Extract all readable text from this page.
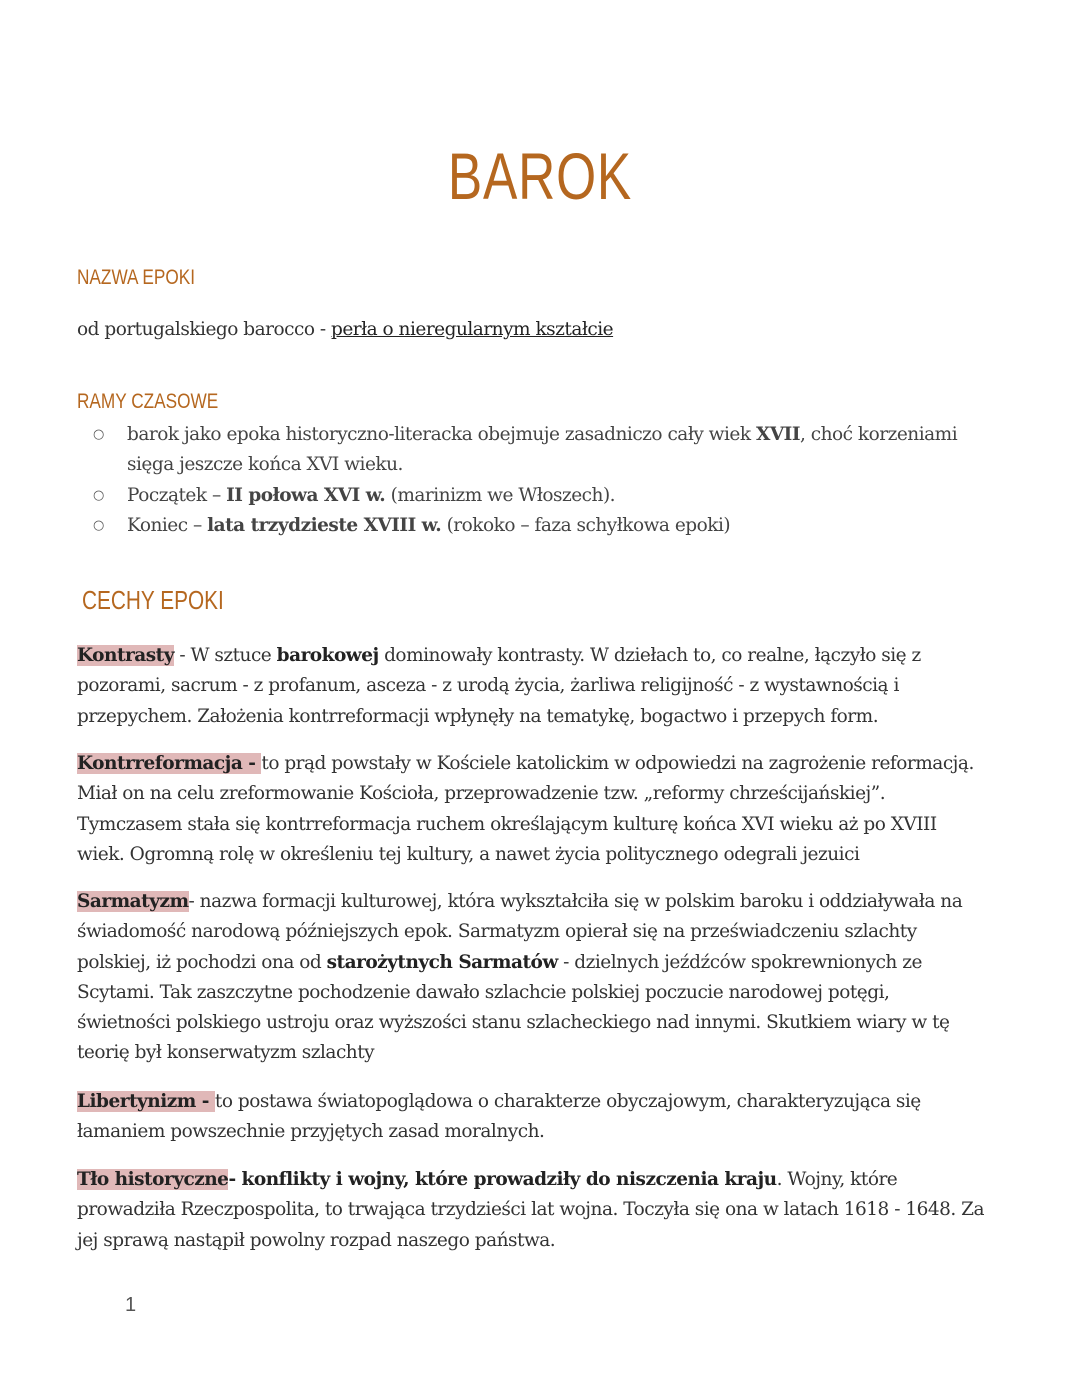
BAROK
NAZWA EPOKI

od portugalskiego barocco - perła o nieregularnym kształcie

RAMY CZASOWE
○ barok jako epoka historyczno-literacka obejmuje zasadniczo cały wiek XVII, choć korzeniami sięga jeszcze końca XVI wieku.
○ Początek – II połowa XVI w. (marinizm we Włoszech).
○ Koniec – lata trzydzieste XVIII w. (rokoko – faza schyłkowa epoki)
CECHY EPOKI

Kontrasty - W sztuce barokowej dominowały kontrasty. W dziełach to, co realne, łączyło się z pozorami, sacrum - z profanum, asceza - z urodą życia, żarliwa religijność - z wystawnością i przepychem. Założenia kontrreformacji wpłynęły na tematykę, bogactwo i przepych form.

Kontrreformacja - to prąd powstały w Kościele katolickim w odpowiedzi na zagrożenie reformacją. Miał on na celu zreformowanie Kościoła, przeprowadzenie tzw. „reformy chrześcijańskiej”. Tymczasem stała się kontrreformacja ruchem określającym kulturę końca XVI wieku aż po XVIII wiek. Ogromną rolę w określeniu tej kultury, a nawet życia politycznego odegrali jezuici

Sarmatyzm- nazwa formacji kulturowej, która wykształciła się w polskim baroku i oddziaływała na świadomość narodową późniejszych epok. Sarmatyzm opierał się na przeświadczeniu szlachty polskiej, iż pochodzi ona od starożytnych Sarmatów - dzielnych jeźdźców spokrewnionych ze Scytami. Tak zaszczytne pochodzenie dawało szlachcie polskiej poczucie narodowej potęgi, świetności polskiego ustroju oraz wyższości stanu szlacheckiego nad innymi. Skutkiem wiary w tę teorię był konserwatyzm szlachty

Libertynizm - to postawa światopoglądowa o charakterze obyczajowym, charakteryzująca się łamaniem powszechnie przyjętych zasad moralnych.

Tło historyczne- konflikty i wojny, które prowadziły do niszczenia kraju. Wojny, które prowadziła Rzeczpospolita, to trwająca trzydzieści lat wojna. Toczyła się ona w latach 1618 - 1648. Za jej sprawą nastąpił powolny rozpad naszego państwa.

1
